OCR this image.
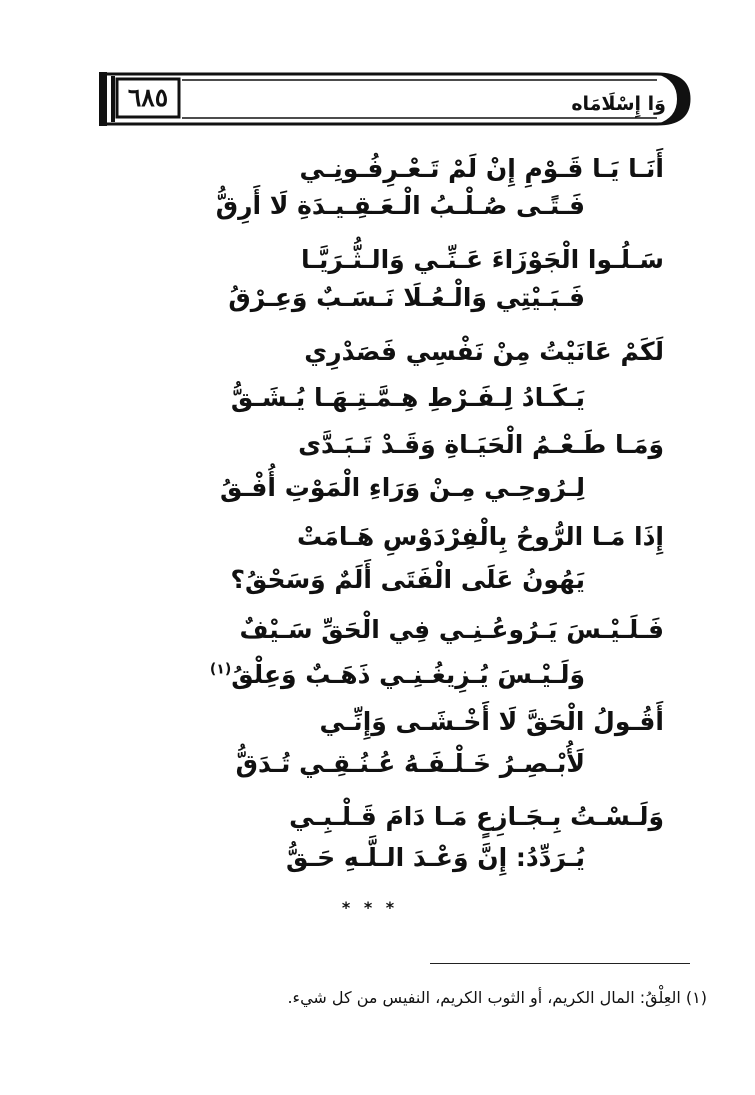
٦٨٥	وَا إِسْلَامَاه
أَنَـا يَـا قَـوْمِ إِنْ لَمْ تَـعْـرِفُـونِـي
فَـتًـى صُـلْـبُ الْـعَـقِـيـدَةِ لَا أَرِقُّ
سَـلُـوا الْجَوْزَاءَ عَـنِّـي وَالـثُّـرَيَّـا
فَـبَـيْتِي وَالْـعُـلَا نَـسَـبٌ وَعِـرْقُ
لَكَمْ عَانَيْتُ مِنْ نَفْسِي فَصَدْرِي
يَـكَـادُ لِـفَـرْطِ هِـمَّـتِـهَـا يُـشَـقُّ
وَمَـا طَـعْـمُ الْحَيَـاةِ وَقَـدْ تَـبَـدَّى
لِـرُوحِـي مِـنْ وَرَاءِ الْمَوْتِ أُفْـقُ
إِذَا مَـا الرُّوحُ بِالْفِرْدَوْسِ هَـامَتْ
يَهُونُ عَلَى الْفَتَى أَلَمٌ وَسَحْقُ؟
فَـلَـيْـسَ يَـرُوعُـنِـي فِي الْحَقِّ سَـيْفٌ
وَلَـيْـسَ يُـزِيغُـنِـي ذَهَـبٌ وَعِلْقُ$^{(١)}$
أَقُـولُ الْحَقَّ لَا أَخْـشَـى وَإِنِّـي
لَأُبْـصِـرُ خَـلْـفَـهُ عُـنُـقِـي تُـدَقُّ
وَلَـسْـتُ بِـجَـازِعٍ مَـا دَامَ قَـلْـبِـي
يُـرَدِّدُ: إِنَّ وَعْـدَ الـلَّـهِ حَـقُّ
* * *
(١) العِلْقُ: المال الكريم، أو الثوب الكريم، النفيس من كل شيء.
